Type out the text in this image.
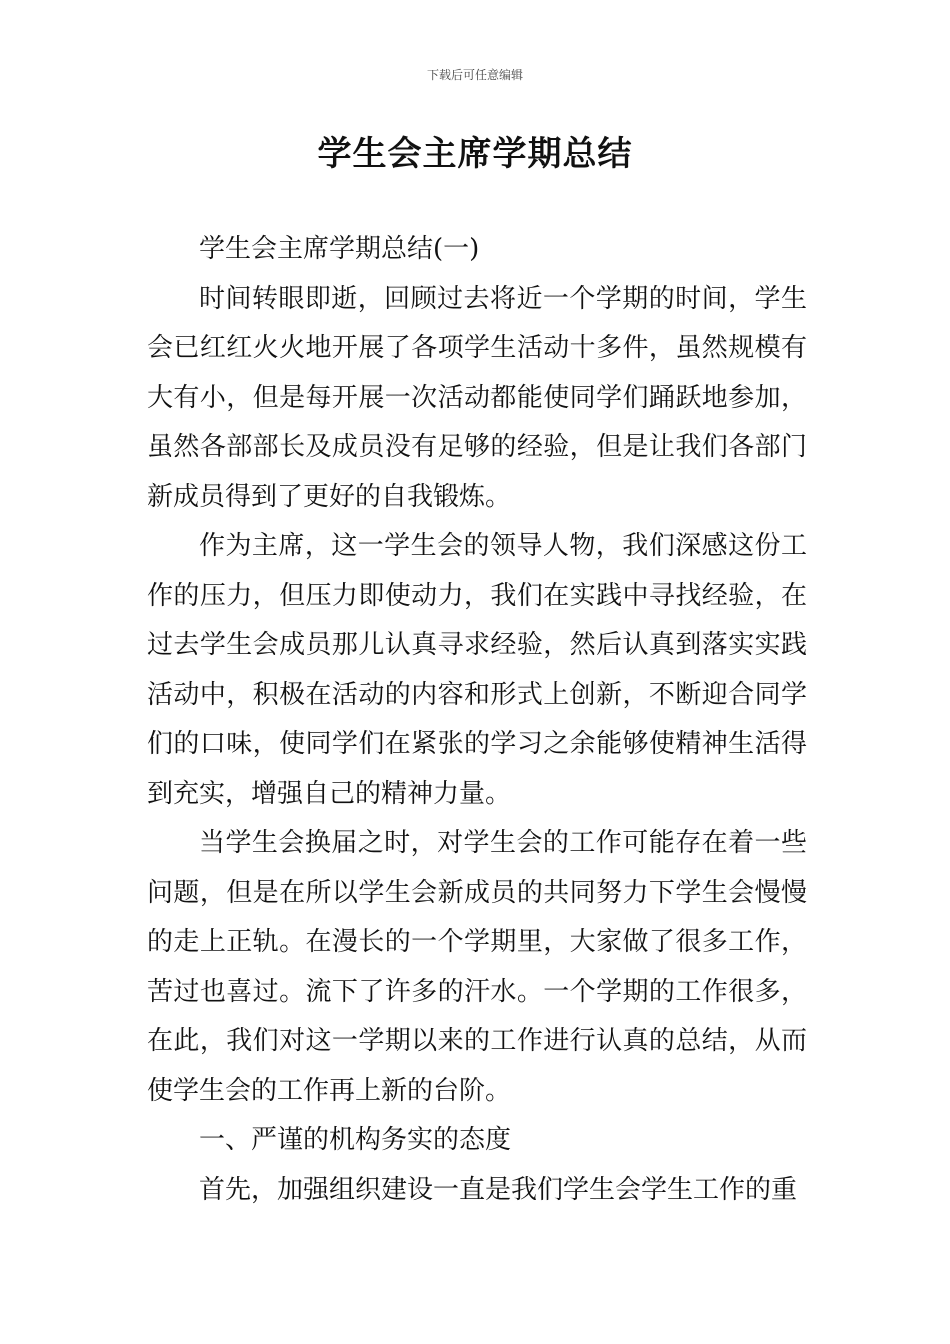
下载后可任意编辑
学生会主席学期总结

学生会主席学期总结(一)

时间转眼即逝，回顾过去将近一个学期的时间，学生会已红红火火地开展了各项学生活动十多件，虽然规模有大有小，但是每开展一次活动都能使同学们踊跃地参加，虽然各部部长及成员没有足够的经验，但是让我们各部门新成员得到了更好的自我锻炼。

作为主席，这一学生会的领导人物，我们深感这份工作的压力，但压力即使动力，我们在实践中寻找经验，在过去学生会成员那儿认真寻求经验，然后认真到落实实践活动中，积极在活动的内容和形式上创新，不断迎合同学们的口味，使同学们在紧张的学习之余能够使精神生活得到充实，增强自己的精神力量。

当学生会换届之时，对学生会的工作可能存在着一些问题，但是在所以学生会新成员的共同努力下学生会慢慢的走上正轨。在漫长的一个学期里，大家做了很多工作，苦过也喜过。流下了许多的汗水。一个学期的工作很多，在此，我们对这一学期以来的工作进行认真的总结，从而使学生会的工作再上新的台阶。

一、严谨的机构务实的态度

首先，加强组织建设一直是我们学生会学生工作的重
